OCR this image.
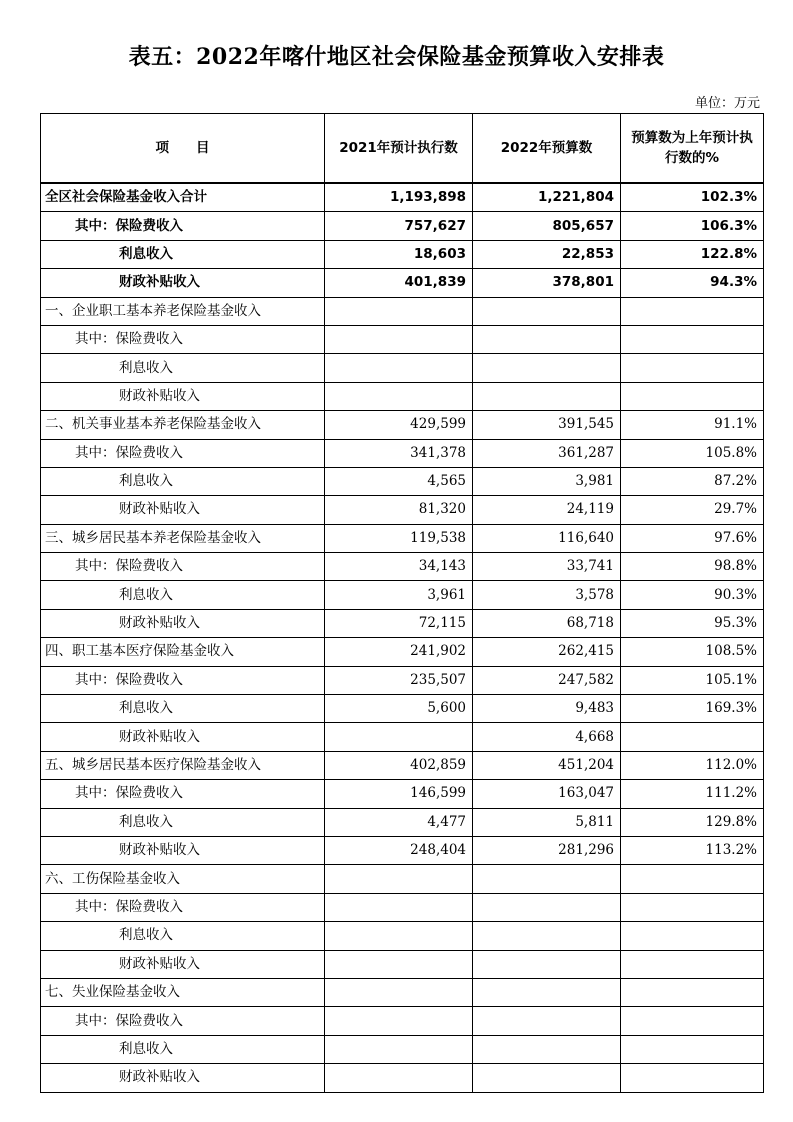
表五：2022年喀什地区社会保险基金预算收入安排表
单位：万元
项　　目	2021年预计执行数	2022年预算数	预算数为上年预计执行数的%
全区社会保险基金收入合计	1,193,898	1,221,804	102.3%
其中：保险费收入	757,627	805,657	106.3%
利息收入	18,603	22,853	122.8%
财政补贴收入	401,839	378,801	94.3%
一、企业职工基本养老保险基金收入			
其中：保险费收入			
利息收入			
财政补贴收入			
二、机关事业基本养老保险基金收入	429,599	391,545	91.1%
其中：保险费收入	341,378	361,287	105.8%
利息收入	4,565	3,981	87.2%
财政补贴收入	81,320	24,119	29.7%
三、城乡居民基本养老保险基金收入	119,538	116,640	97.6%
其中：保险费收入	34,143	33,741	98.8%
利息收入	3,961	3,578	90.3%
财政补贴收入	72,115	68,718	95.3%
四、职工基本医疗保险基金收入	241,902	262,415	108.5%
其中：保险费收入	235,507	247,582	105.1%
利息收入	5,600	9,483	169.3%
财政补贴收入		4,668	
五、城乡居民基本医疗保险基金收入	402,859	451,204	112.0%
其中：保险费收入	146,599	163,047	111.2%
利息收入	4,477	5,811	129.8%
财政补贴收入	248,404	281,296	113.2%
六、工伤保险基金收入			
其中：保险费收入			
利息收入			
财政补贴收入			
七、失业保险基金收入			
其中：保险费收入			
利息收入			
财政补贴收入			
